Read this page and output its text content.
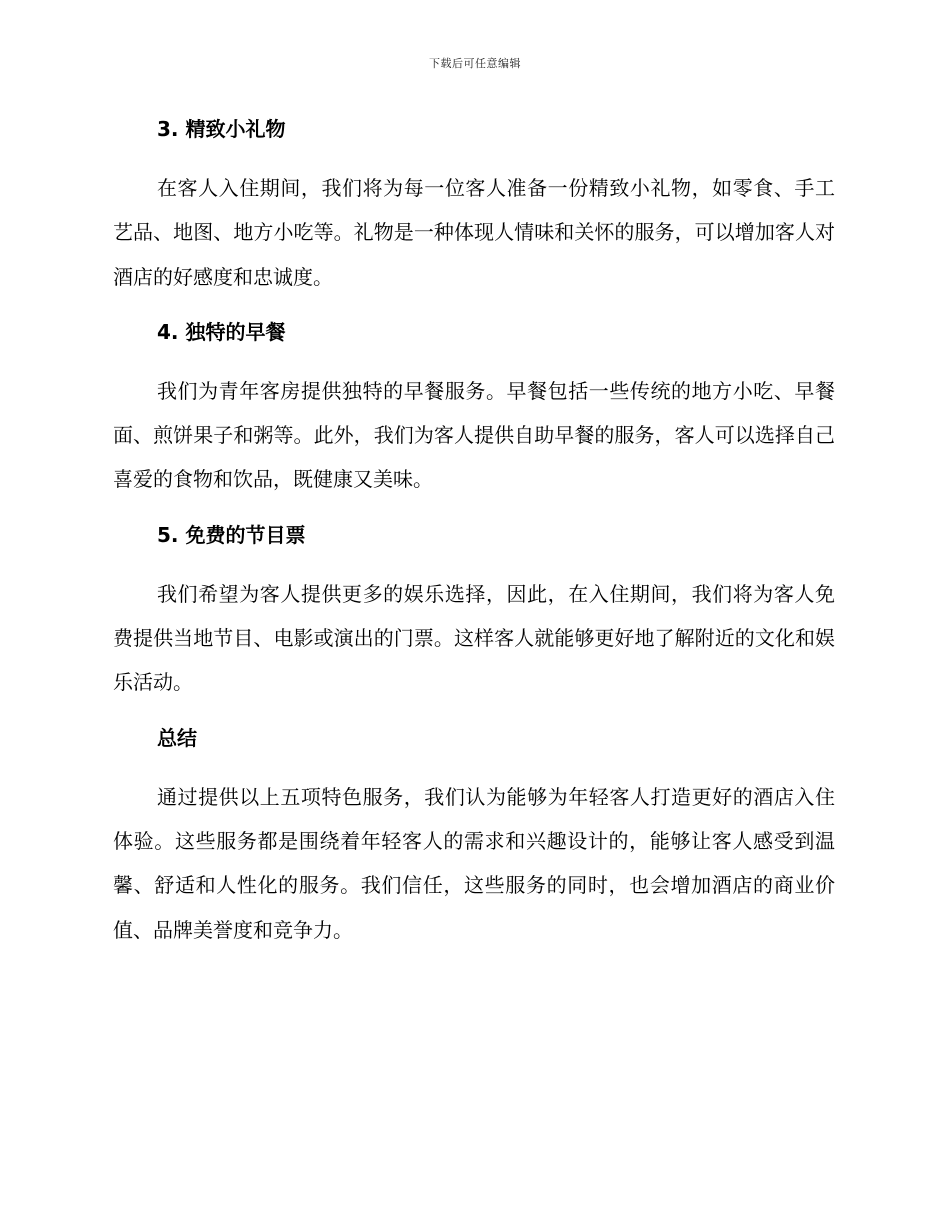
下载后可任意编辑
3. 精致小礼物

在客人入住期间，我们将为每一位客人准备一份精致小礼物，如零食、手工艺品、地图、地方小吃等。礼物是一种体现人情味和关怀的服务，可以增加客人对酒店的好感度和忠诚度。

4. 独特的早餐

我们为青年客房提供独特的早餐服务。早餐包括一些传统的地方小吃、早餐面、煎饼果子和粥等。此外，我们为客人提供自助早餐的服务，客人可以选择自己喜爱的食物和饮品，既健康又美味。

5. 免费的节目票

我们希望为客人提供更多的娱乐选择，因此，在入住期间，我们将为客人免费提供当地节目、电影或演出的门票。这样客人就能够更好地了解附近的文化和娱乐活动。

总结

通过提供以上五项特色服务，我们认为能够为年轻客人打造更好的酒店入住体验。这些服务都是围绕着年轻客人的需求和兴趣设计的，能够让客人感受到温馨、舒适和人性化的服务。我们信任，这些服务的同时，也会增加酒店的商业价值、品牌美誉度和竞争力。
